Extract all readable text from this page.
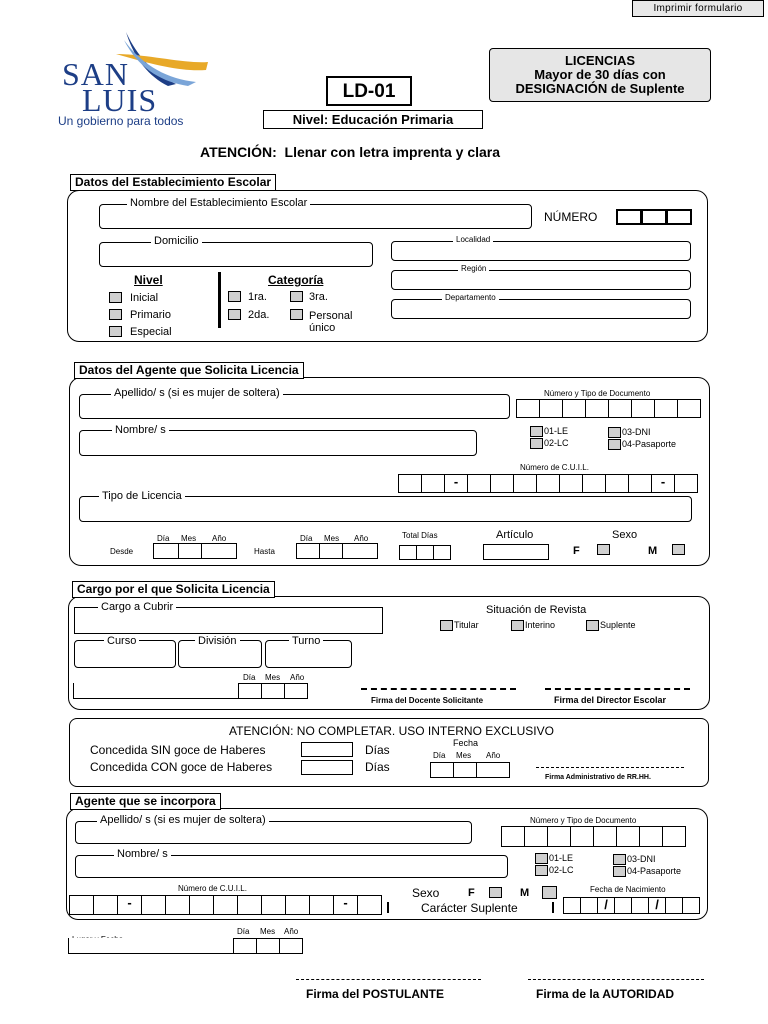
Imprimir formulario
SAN
LUIS
Un gobierno para todos
LD-01
Nivel: Educación Primaria
LICENCIAS
Mayor de 30 días con
DESIGNACIÓN de Suplente
ATENCIÓN:  Llenar con letra imprenta y clara
Datos del Establecimiento Escolar
Nombre del Establecimiento Escolar
NÚMERO
Domicilio	Localidad
Región
Departamento
Nivel
Inicial
Primario
Especial
Categoría
1ra.	3ra.
2da.	Personal
único
Datos del Agente que Solicita Licencia
Apellido/ s (si es mujer de soltera)	Número y Tipo de Documento
Nombre/ s	01-LE
02-LC
03-DNI
04-Pasaporte
Número de C.U.I.L.
-	-
Tipo de Licencia
Día Mes Año
Desde
Día Mes Año
Hasta
Total Días	Artículo	Sexo
F	M
Cargo por el que Solicita Licencia
Cargo a Cubrir	Situación de Revista
Titular	Interino	Suplente
Curso	División	Turno
Día Mes Año
Firma del Docente Solicitante	Firma del Director Escolar
ATENCIÓN: NO COMPLETAR. USO INTERNO EXCLUSIVO
Concedida SIN goce de Haberes	Días
Concedida CON goce de Haberes	Días
Fecha
Día Mes Año
Firma Administrativo de RR.HH.
Agente que se incorpora
Apellido/ s (si es mujer de soltera)	Número y Tipo de Documento
Nombre/ s	01-LE
02-LC
03-DNI
04-Pasaporte
Número de C.U.I.L.
-	-
Sexo	F	M
Carácter Suplente
Fecha de Nacimiento
/	/
Día Mes Año
Firma del POSTULANTE	Firma de la AUTORIDAD
